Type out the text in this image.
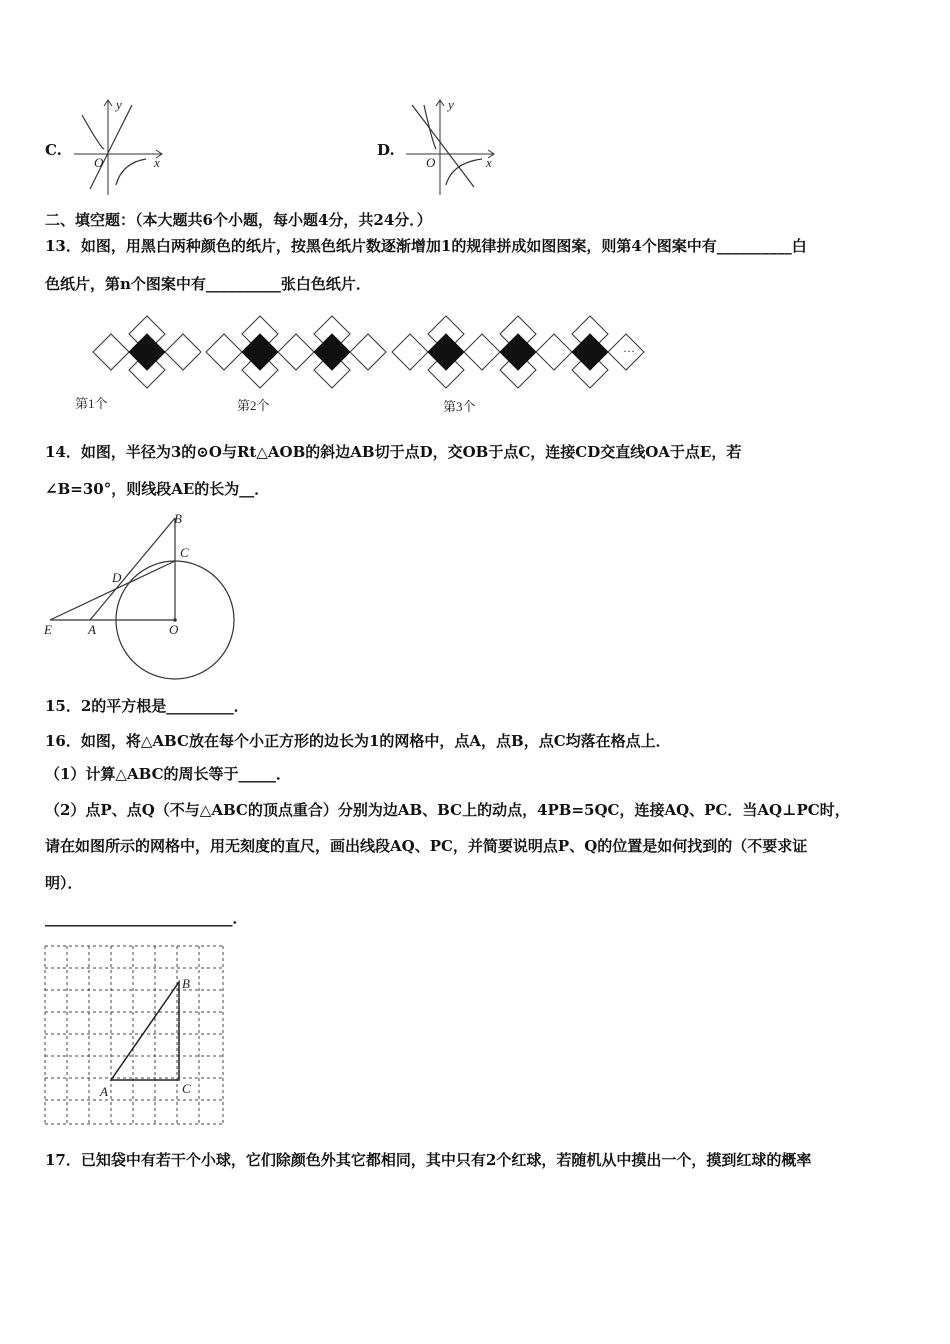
C.
y
x
O
D.
y
x
O
二、填空题：（本大题共6个小题，每小题4分，共24分．）
13．如图，用黑白两种颜色的纸片，按黑色纸片数逐渐增加1的规律拼成如图图案，则第4个图案中有__________白
色纸片，第n个图案中有__________张白色纸片．
…
第1个	第2个	第3个
14．如图，半径为3的⊙O与Rt△AOB的斜边AB切于点D，交OB于点C，连接CD交直线OA于点E，若
∠B=30°，则线段AE的长为__．
B
C
D
E	A	O
15．2的平方根是_________．
16．如图，将△ABC放在每个小正方形的边长为1的网格中，点A，点B，点C均落在格点上．
（1）计算△ABC的周长等于_____．
（2）点P、点Q（不与△ABC的顶点重合）分别为边AB、BC上的动点，4PB=5QC，连接AQ、PC．当AQ⊥PC时，
请在如图所示的网格中，用无刻度的直尺，画出线段AQ、PC，并简要说明点P、Q的位置是如何找到的（不要求证
明）．
_________________________．
B
A	C
17．已知袋中有若干个小球，它们除颜色外其它都相同，其中只有2个红球，若随机从中摸出一个，摸到红球的概率
